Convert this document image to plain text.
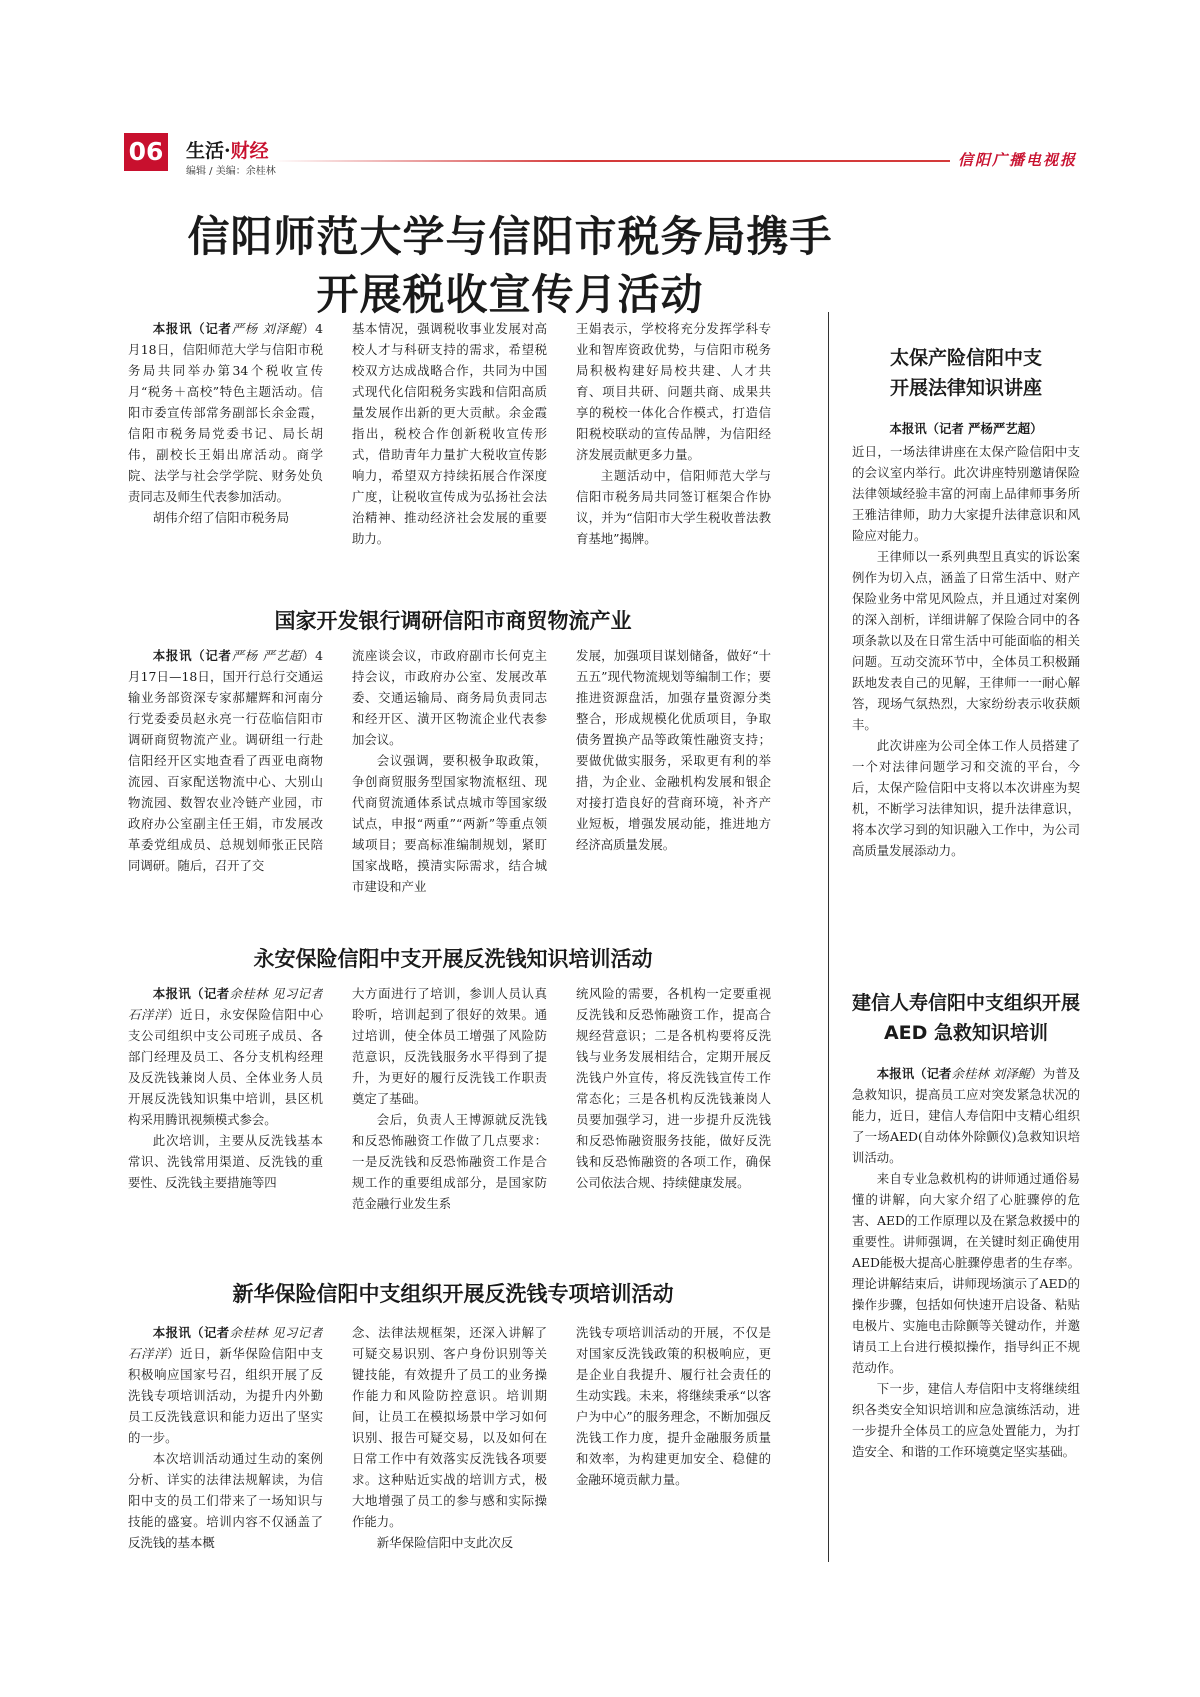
06 生活·财经
编辑 / 美编：余桂林
信阳广播电视报
信阳师范大学与信阳市税务局携手
开展税收宣传月活动

本报讯（记者严杨 刘泽鲲）4月18日，信阳师范大学与信阳市税务局共同举办第34个税收宣传月“税务＋高校”特色主题活动。信阳市委宣传部常务副部长余金霞，信阳市税务局党委书记、局长胡伟，副校长王娟出席活动。商学院、法学与社会学学院、财务处负责同志及师生代表参加活动。

胡伟介绍了信阳市税务局

基本情况，强调税收事业发展对高校人才与科研支持的需求，希望税校双方达成战略合作，共同为中国式现代化信阳税务实践和信阳高质量发展作出新的更大贡献。余金霞指出，税校合作创新税收宣传形式，借助青年力量扩大税收宣传影响力，希望双方持续拓展合作深度广度，让税收宣传成为弘扬社会法治精神、推动经济社会发展的重要助力。

王娟表示，学校将充分发挥学科专业和智库资政优势，与信阳市税务局积极构建好局校共建、人才共育、项目共研、问题共商、成果共享的税校一体化合作模式，打造信阳税校联动的宣传品牌，为信阳经济发展贡献更多力量。

主题活动中，信阳师范大学与信阳市税务局共同签订框架合作协议，并为“信阳市大学生税收普法教育基地”揭牌。

国家开发银行调研信阳市商贸物流产业

本报讯（记者严杨 严艺超）4月17日—18日，国开行总行交通运输业务部资深专家郝耀辉和河南分行党委委员赵永亮一行莅临信阳市调研商贸物流产业。调研组一行赴信阳经开区实地查看了西亚电商物流园、百家配送物流中心、大别山物流园、数智农业冷链产业园，市政府办公室副主任王娟，市发展改革委党组成员、总规划师张正民陪同调研。随后，召开了交

流座谈会议，市政府副市长何克主持会议，市政府办公室、发展改革委、交通运输局、商务局负责同志和经开区、潢开区物流企业代表参加会议。

会议强调，要积极争取政策，争创商贸服务型国家物流枢纽、现代商贸流通体系试点城市等国家级试点，申报“两重”“两新”等重点领域项目；要高标准编制规划，紧盯国家战略，摸清实际需求，结合城市建设和产业

发展，加强项目谋划储备，做好“十五五”现代物流规划等编制工作；要推进资源盘活，加强存量资源分类整合，形成规模化优质项目，争取债务置换产品等政策性融资支持；要做优做实服务，采取更有利的举措，为企业、金融机构发展和银企对接打造良好的营商环境，补齐产业短板，增强发展动能，推进地方经济高质量发展。

永安保险信阳中支开展反洗钱知识培训活动

本报讯（记者余桂林 见习记者 石洋洋）近日，永安保险信阳中心支公司组织中支公司班子成员、各部门经理及员工、各分支机构经理及反洗钱兼岗人员、全体业务人员开展反洗钱知识集中培训，县区机构采用腾讯视频模式参会。

此次培训，主要从反洗钱基本常识、洗钱常用渠道、反洗钱的重要性、反洗钱主要措施等四

大方面进行了培训，参训人员认真聆听，培训起到了很好的效果。通过培训，使全体员工增强了风险防范意识，反洗钱服务水平得到了提升，为更好的履行反洗钱工作职责奠定了基础。

会后，负责人王博源就反洗钱和反恐怖融资工作做了几点要求：一是反洗钱和反恐怖融资工作是合规工作的重要组成部分，是国家防范金融行业发生系

统风险的需要，各机构一定要重视反洗钱和反恐怖融资工作，提高合规经营意识；二是各机构要将反洗钱与业务发展相结合，定期开展反洗钱户外宣传，将反洗钱宣传工作常态化；三是各机构反洗钱兼岗人员要加强学习，进一步提升反洗钱和反恐怖融资服务技能，做好反洗钱和反恐怖融资的各项工作，确保公司依法合规、持续健康发展。

新华保险信阳中支组织开展反洗钱专项培训活动

本报讯（记者余桂林 见习记者 石洋洋）近日，新华保险信阳中支积极响应国家号召，组织开展了反洗钱专项培训活动，为提升内外勤员工反洗钱意识和能力迈出了坚实的一步。

本次培训活动通过生动的案例分析、详实的法律法规解读，为信阳中支的员工们带来了一场知识与技能的盛宴。培训内容不仅涵盖了反洗钱的基本概

念、法律法规框架，还深入讲解了可疑交易识别、客户身份识别等关键技能，有效提升了员工的业务操作能力和风险防控意识。培训期间，让员工在模拟场景中学习如何识别、报告可疑交易，以及如何在日常工作中有效落实反洗钱各项要求。这种贴近实战的培训方式，极大地增强了员工的参与感和实际操作能力。

新华保险信阳中支此次反

洗钱专项培训活动的开展，不仅是对国家反洗钱政策的积极响应，更是企业自我提升、履行社会责任的生动实践。未来，将继续秉承“以客户为中心”的服务理念，不断加强反洗钱工作力度，提升金融服务质量和效率，为构建更加安全、稳健的金融环境贡献力量。

太保产险信阳中支
开展法律知识讲座

本报讯（记者 严杨严艺超）

近日，一场法律讲座在太保产险信阳中支的会议室内举行。此次讲座特别邀请保险法律领域经验丰富的河南上品律师事务所王雅洁律师，助力大家提升法律意识和风险应对能力。

王律师以一系列典型且真实的诉讼案例作为切入点，涵盖了日常生活中、财产保险业务中常见风险点，并且通过对案例的深入剖析，详细讲解了保险合同中的各项条款以及在日常生活中可能面临的相关问题。互动交流环节中，全体员工积极踊跃地发表自己的见解，王律师一一耐心解答，现场气氛热烈，大家纷纷表示收获颇丰。

此次讲座为公司全体工作人员搭建了一个对法律问题学习和交流的平台，今后，太保产险信阳中支将以本次讲座为契机，不断学习法律知识，提升法律意识，将本次学习到的知识融入工作中，为公司高质量发展添动力。

建信人寿信阳中支组织开展
AED 急救知识培训

本报讯（记者余桂林 刘泽鲲）为普及急救知识，提高员工应对突发紧急状况的能力，近日，建信人寿信阳中支精心组织了一场AED(自动体外除颤仪)急救知识培训活动。

来自专业急救机构的讲师通过通俗易懂的讲解，向大家介绍了心脏骤停的危害、AED的工作原理以及在紧急救援中的重要性。讲师强调，在关键时刻正确使用AED能极大提高心脏骤停患者的生存率。理论讲解结束后，讲师现场演示了AED的操作步骤，包括如何快速开启设备、粘贴电极片、实施电击除颤等关键动作，并邀请员工上台进行模拟操作，指导纠正不规范动作。

下一步，建信人寿信阳中支将继续组织各类安全知识培训和应急演练活动，进一步提升全体员工的应急处置能力，为打造安全、和谐的工作环境奠定坚实基础。
